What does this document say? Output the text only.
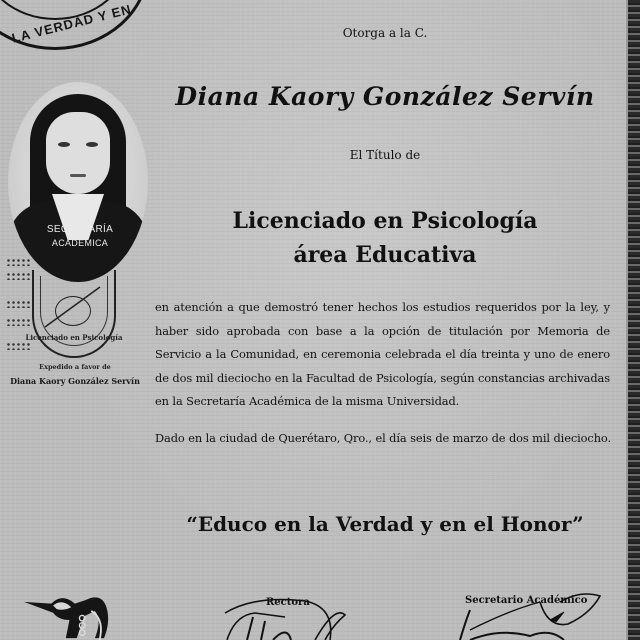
LA VERDAD Y EN	Otorga a la C.
Diana Kaory González Servín
El Título de
Licenciado en Psicología
área Educativa
en atención a que demostró tener hechos los estudios requeridos por la ley, y haber sido aprobada con base a la opción de titulación por Memoria de Servicio a la Comunidad, en ceremonia celebrada el día treinta y uno de enero de dos mil dieciocho en la Facultad de Psicología, según constancias archivadas en la Secretaría Académica de la misma Universidad.
Dado en la ciudad de Querétaro, Qro., el día seis de marzo de dos mil dieciocho.
“Educo en la Verdad y en el Honor”
SECRETARÍA
ACADÉMICA
Licenciado en Psicología
Expedido a favor de
Diana Kaory González Servín
Rectora	Secretario Académico
